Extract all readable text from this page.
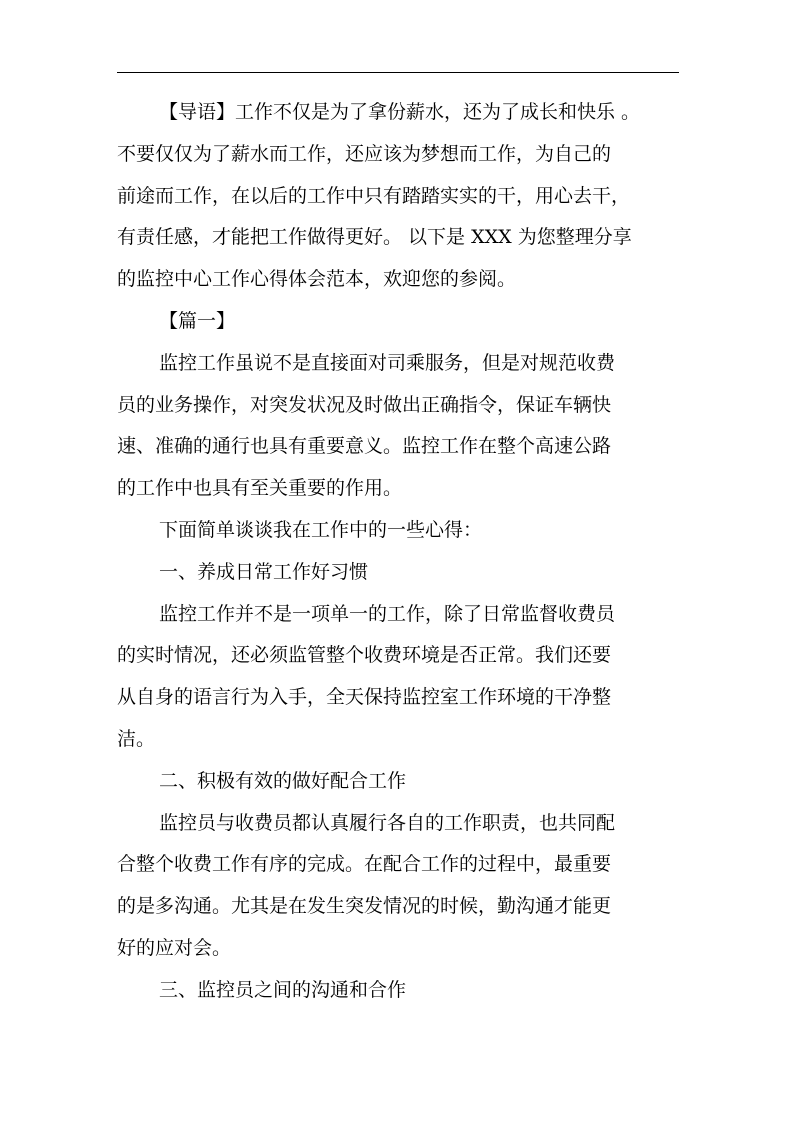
【导语】工作不仅是为了拿份薪水，还为了成长和快乐 。
不要仅仅为了薪水而工作，还应该为梦想而工作，为自己的
前途而工作，在以后的工作中只有踏踏实实的干，用心去干，
有责任感，才能把工作做得更好。 以下是 XXX 为您整理分享
的监控中心工作心得体会范本，欢迎您的参阅。
【篇一】
监控工作虽说不是直接面对司乘服务，但是对规范收费
员的业务操作，对突发状况及时做出正确指令，保证车辆快
速、准确的通行也具有重要意义。监控工作在整个高速公路
的工作中也具有至关重要的作用。
下面简单谈谈我在工作中的一些心得：
一、养成日常工作好习惯
监控工作并不是一项单一的工作，除了日常监督收费员
的实时情况，还必须监管整个收费环境是否正常。我们还要
从自身的语言行为入手，全天保持监控室工作环境的干净整
洁。
二、积极有效的做好配合工作
监控员与收费员都认真履行各自的工作职责，也共同配
合整个收费工作有序的完成。在配合工作的过程中，最重要
的是多沟通。尤其是在发生突发情况的时候，勤沟通才能更
好的应对会。
三、监控员之间的沟通和合作
